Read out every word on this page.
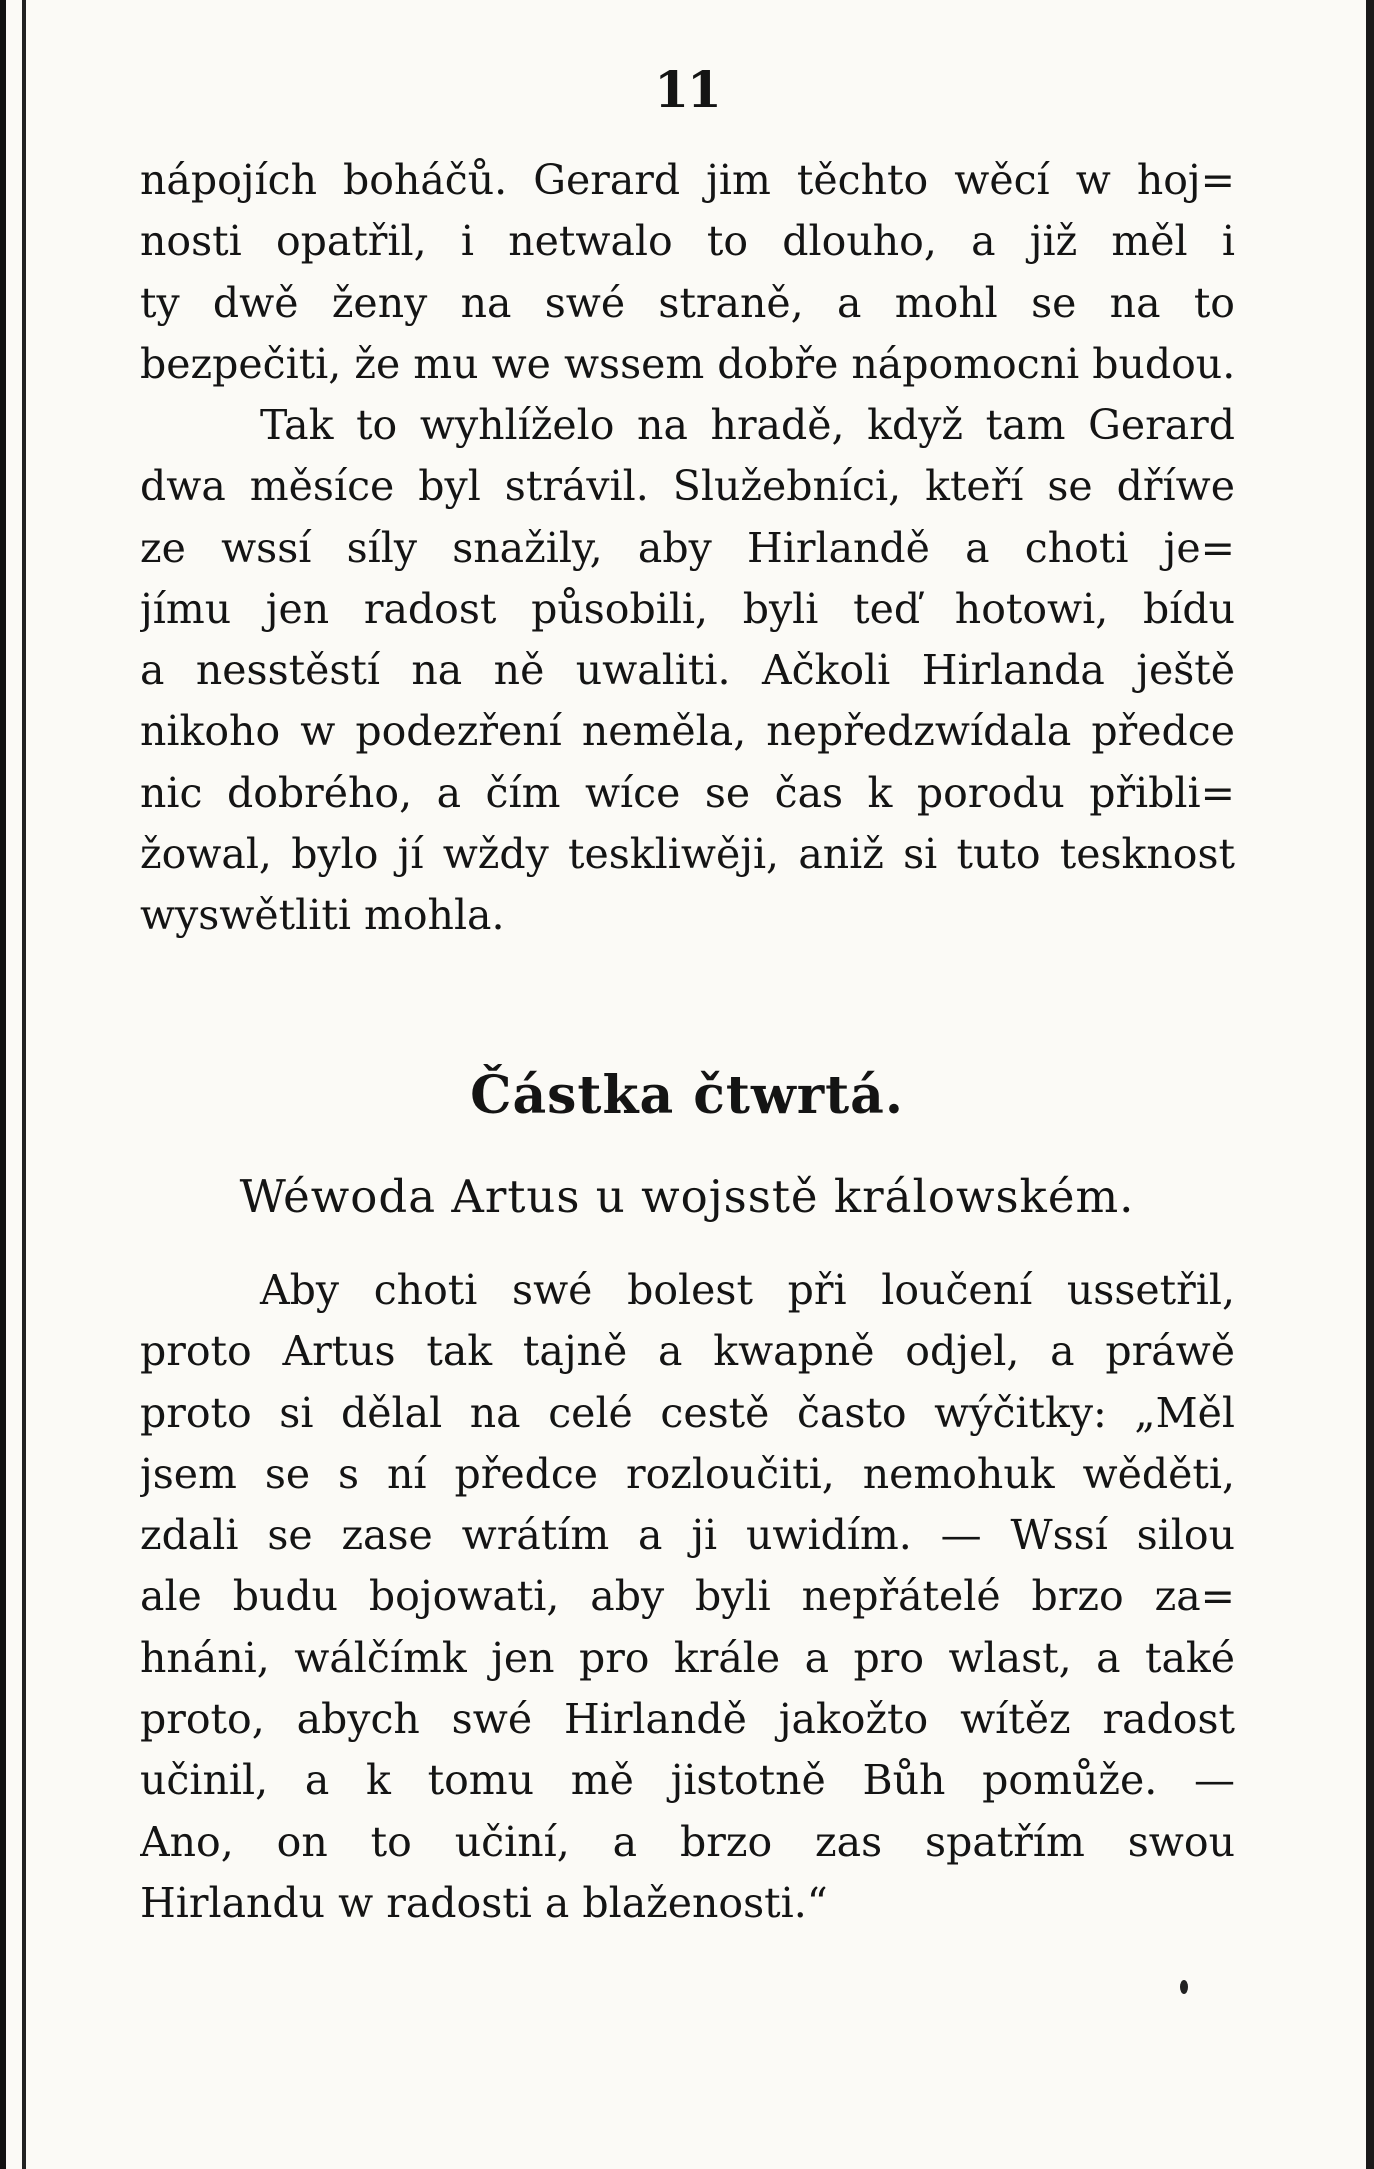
11
nápojích boháčů. Gerard jim těchto wěcí w hoj=
nosti opatřil, i netwalo to dlouho, a již měl i
ty dwě ženy na swé straně, a mohl se na to
bezpečiti, že mu we wssem dobře nápomocni budou.
Tak to wyhlíželo na hradě, když tam Gerard
dwa měsíce byl strávil. Služebníci, kteří se dříwe
ze wssí síly snažily, aby Hirlandě a choti je=
jímu jen radost působili, byli teď hotowi, bídu
a nesstěstí na ně uwaliti. Ačkoli Hirlanda ještě
nikoho w podezření neměla, nepředzwídala předce
nic dobrého, a čím wíce se čas k porodu přibli=
žowal, bylo jí wždy teskliwěji, aniž si tuto tesknost
wyswětliti mohla.
Částka čtwrtá.
Wéwoda Artus u wojsstě králowském.
Aby choti swé bolest při loučení ussetřil,
proto Artus tak tajně a kwapně odjel, a práwě
proto si dělal na celé cestě často wýčitky: „Měl
jsem se s ní předce rozloučiti, nemohuk wěděti,
zdali se zase wrátím a ji uwidím. — Wssí silou
ale budu bojowati, aby byli nepřátelé brzo za=
hnáni, wálčímk jen pro krále a pro wlast, a také
proto, abych swé Hirlandě jakožto wítěz radost
učinil, a k tomu mě jistotně Bůh pomůže. —
Ano, on to učiní, a brzo zas spatřím swou
Hirlandu w radosti a blaženosti.“
